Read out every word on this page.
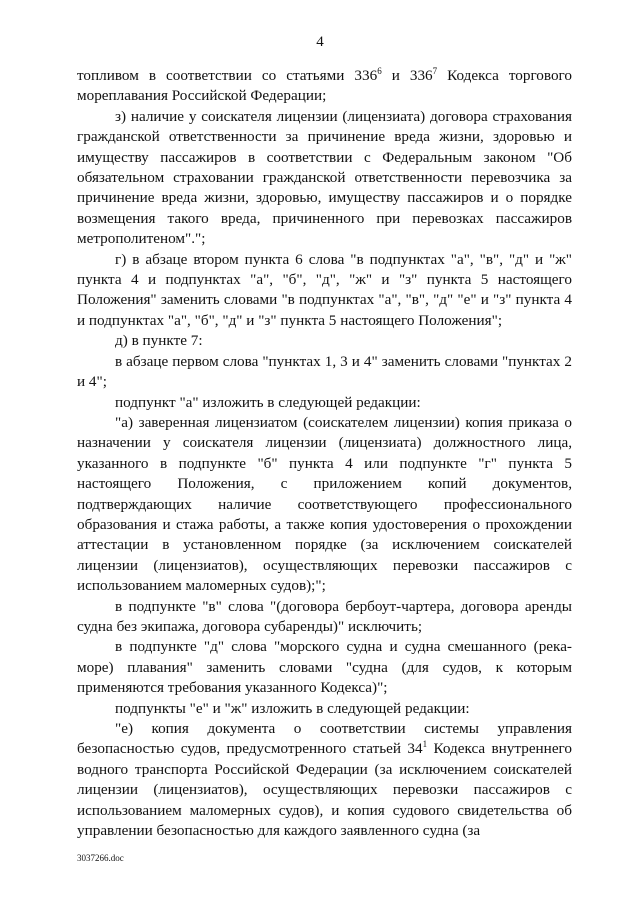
4

топливом в соответствии со статьями $336^6$ и $336^7$ Кодекса торгового мореплавания Российской Федерации;

з) наличие у соискателя лицензии (лицензиата) договора страхования гражданской ответственности за причинение вреда жизни, здоровью и имуществу пассажиров в соответствии с Федеральным законом "Об обязательном страховании гражданской ответственности перевозчика за причинение вреда жизни, здоровью, имуществу пассажиров и о порядке возмещения такого вреда, причиненного при перевозках пассажиров метрополитеном".";

г) в абзаце втором пункта 6 слова "в подпунктах "а", "в", "д" и "ж" пункта 4 и подпунктах "а", "б", "д", "ж" и "з" пункта 5 настоящего Положения" заменить словами "в подпунктах "а", "в", "д" "е" и "з" пункта 4 и подпунктах "а", "б", "д" и "з" пункта 5 настоящего Положения";

д) в пункте 7:

в абзаце первом слова "пунктах 1, 3 и 4" заменить словами "пунктах 2 и 4";

подпункт "а" изложить в следующей редакции:

"а) заверенная лицензиатом (соискателем лицензии) копия приказа о назначении у соискателя лицензии (лицензиата) должностного лица, указанного в подпункте "б" пункта 4 или подпункте "г" пункта 5 настоящего Положения, с приложением копий документов, подтверждающих наличие соответствующего профессионального образования и стажа работы, а также копия удостоверения о прохождении аттестации в установленном порядке (за исключением соискателей лицензии (лицензиатов), осуществляющих перевозки пассажиров с использованием маломерных судов);";

в подпункте "в" слова "(договора бербоут-чартера, договора аренды судна без экипажа, договора субаренды)" исключить;

в подпункте "д" слова "морского судна и судна смешанного (река-море) плавания" заменить словами "судна (для судов, к которым применяются требования указанного Кодекса)";

подпункты "е" и "ж" изложить в следующей редакции:

"е) копия документа о соответствии системы управления безопасностью судов, предусмотренного статьей $34^1$ Кодекса внутреннего водного транспорта Российской Федерации (за исключением соискателей лицензии (лицензиатов), осуществляющих перевозки пассажиров с использованием маломерных судов), и копия судового свидетельства об управлении безопасностью для каждого заявленного судна (за

3037266.doc
